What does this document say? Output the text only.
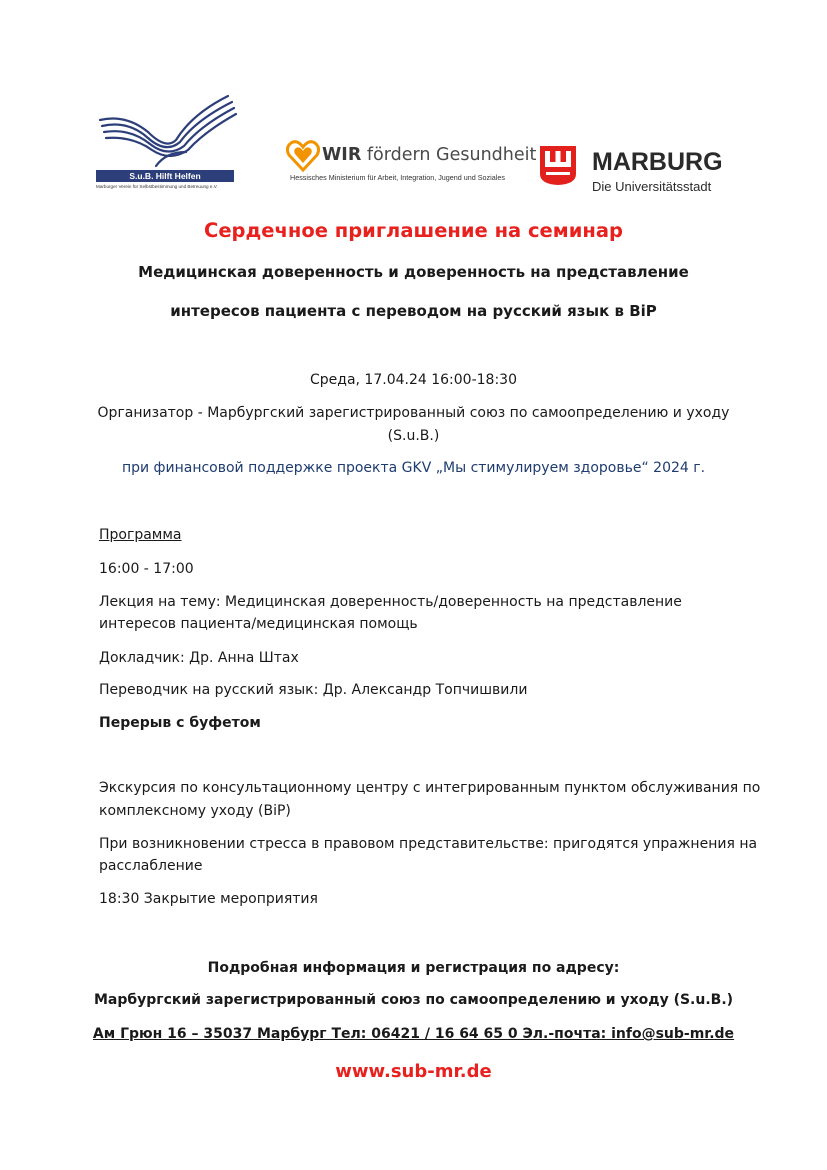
S.u.B. Hilft Helfen
Marburger Verein für Selbstbestimmung und Betreuung e.V.
WIR fördern Gesundheit
Hessisches Ministerium für Arbeit, Integration, Jugend und Soziales
MARBURG
Die Universitätsstadt
Сердечное приглашение на семинар
Медицинская доверенность и доверенность на представление
интересов пациента с переводом на русский язык в BiP
Среда, 17.04.24 16:00-18:30
Организатор - Марбургский зарегистрированный союз по самоопределению и уходу
(S.u.B.)
при финансовой поддержке проекта GKV „Мы стимулируем здоровье“ 2024 г.
Программа
16:00 - 17:00
Лекция на тему: Медицинская доверенность/доверенность на представление
интересов пациента/медицинская помощь
Докладчик: Др. Анна Штах
Переводчик на русский язык: Др. Александр Топчишвили
Перерыв с буфетом
Экскурсия по консультационному центру с интегрированным пунктом обслуживания по
комплексному уходу (BiP)
При возникновении стресса в правовом представительстве: пригодятся упражнения на
расслабление
18:30 Закрытие мероприятия
Подробная информация и регистрация по адресу:
Марбургский зарегистрированный союз по самоопределению и уходу (S.u.B.)
Ам Грюн 16 – 35037 Марбург Тел: 06421 / 16 64 65 0 Эл.-почта: info@sub-mr.de
www.sub-mr.de
